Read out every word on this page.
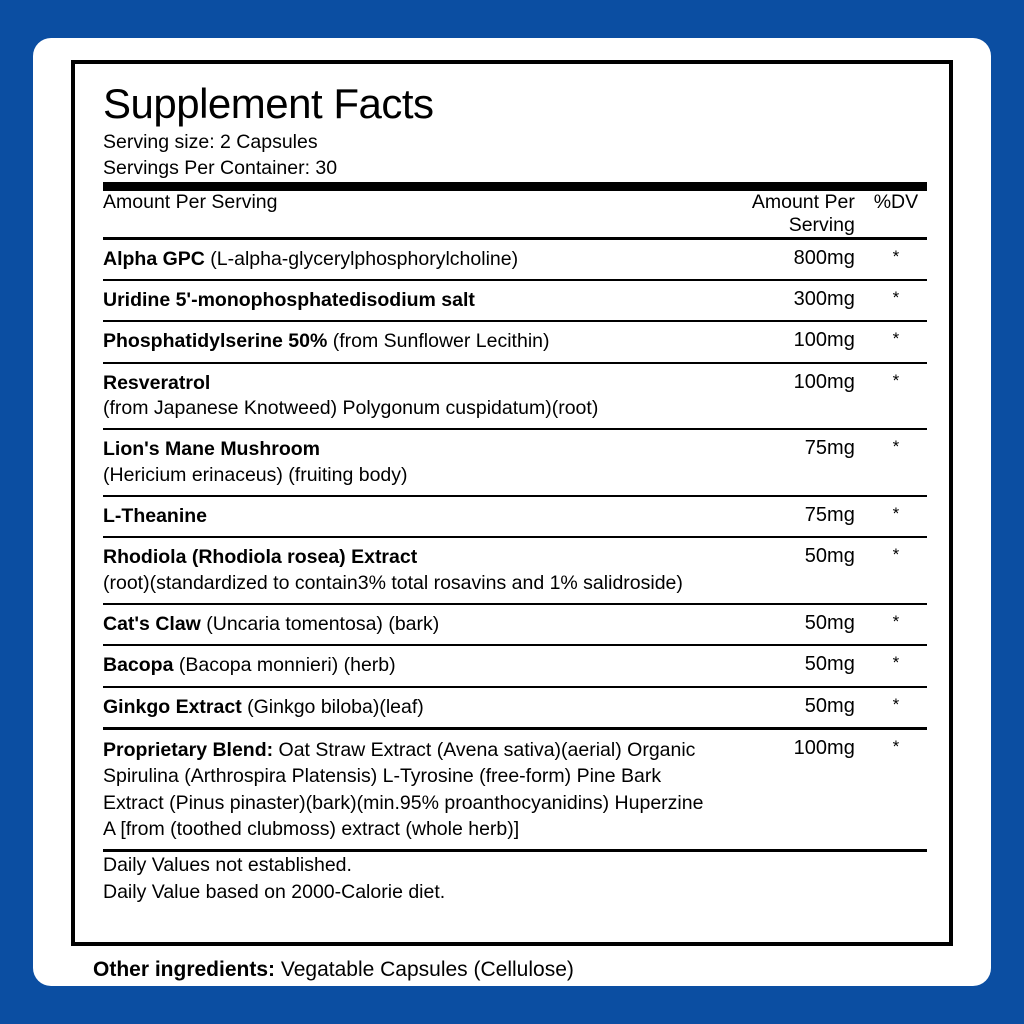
Supplement Facts
Serving size: 2 Capsules
Servings Per Container: 30
Amount Per Serving	Amount Per Serving	%DV

Alpha GPC (L-alpha-glycerylphosphorylcholine)	800mg	*

Uridine 5'-monophosphatedisodium salt	300mg	*

Phosphatidylserine 50% (from Sunflower Lecithin)	100mg	*

Resveratrol
(from Japanese Knotweed) Polygonum cuspidatum)(root)	100mg	*

Lion's Mane Mushroom
(Hericium erinaceus) (fruiting body)	75mg	*

L-Theanine	75mg	*

Rhodiola (Rhodiola rosea) Extract
(root)(standardized to contain3% total rosavins and 1% salidroside)	50mg	*

Cat's Claw (Uncaria tomentosa) (bark)	50mg	*

Bacopa (Bacopa monnieri) (herb)	50mg	*

Ginkgo Extract (Ginkgo biloba)(leaf)	50mg	*

Proprietary Blend: Oat Straw Extract (Avena sativa)(aerial) Organic Spirulina (Arthrospira Platensis) L-Tyrosine (free-form) Pine Bark Extract (Pinus pinaster)(bark)(min.95% proanthocyanidins) Huperzine A [from (toothed clubmoss) extract (whole herb)]	100mg	*

Daily Values not established.
Daily Value based on 2000-Calorie diet.		
Other ingredients: Vegatable Capsules (Cellulose)
